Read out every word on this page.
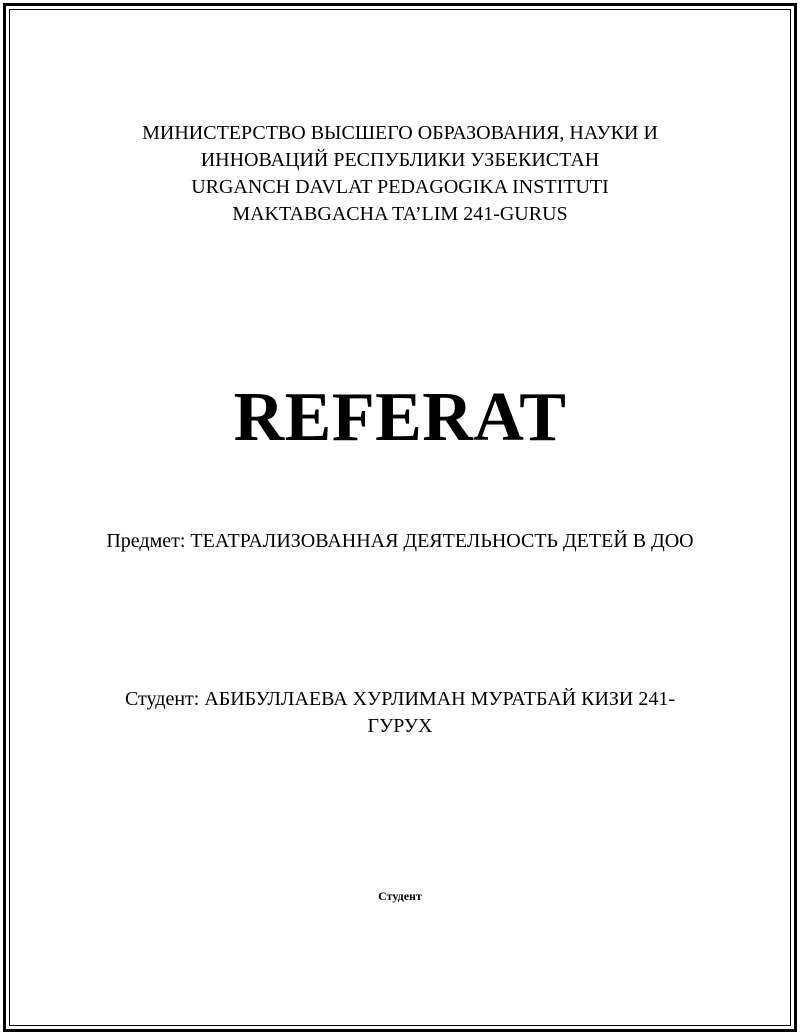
МИНИСТЕРСТВО ВЫСШЕГО ОБРАЗОВАНИЯ, НАУКИ И
ИННОВАЦИЙ РЕСПУБЛИКИ УЗБЕКИСТАН
URGANCH DAVLAT PEDAGOGIKA INSTITUTI
MAKTABGACHA TA’LIM 241-GURUS
REFERAT
Предмет: ТЕАТРАЛИЗОВАННАЯ ДЕЯТЕЛЬНОСТЬ ДЕТЕЙ В ДОО
Студент: АБИБУЛЛАЕВА ХУРЛИМАН МУРАТБАЙ КИЗИ 241-
ГУРУХ
Студент
